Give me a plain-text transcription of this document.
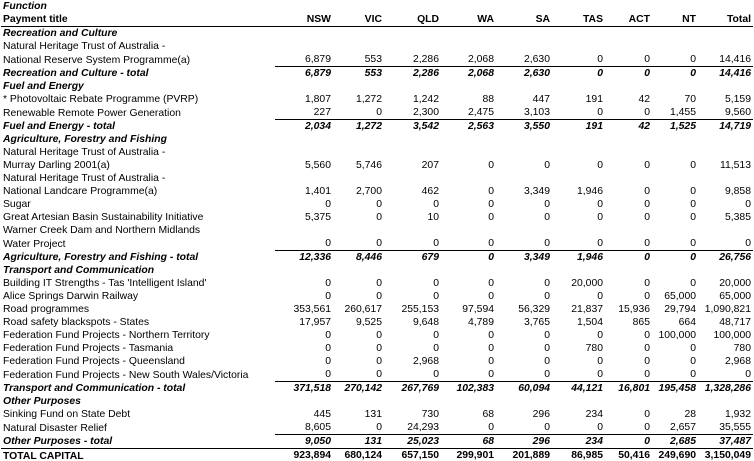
Function									
Payment title	NSW	VIC	QLD	WA	SA	TAS	ACT	NT	Total
Recreation and Culture									
Natural Heritage Trust of Australia -									
National Reserve System Programme(a)	6,879	553	2,286	2,068	2,630	0	0	0	14,416
Recreation and Culture - total	6,879	553	2,286	2,068	2,630	0	0	0	14,416
Fuel and Energy									
* Photovoltaic Rebate Programme (PVRP)	1,807	1,272	1,242	88	447	191	42	70	5,159
Renewable Remote Power Generation	227	0	2,300	2,475	3,103	0	0	1,455	9,560
Fuel and Energy - total	2,034	1,272	3,542	2,563	3,550	191	42	1,525	14,719
Agriculture, Forestry and Fishing									
Natural Heritage Trust of Australia -									
Murray Darling 2001(a)	5,560	5,746	207	0	0	0	0	0	11,513
Natural Heritage Trust of Australia -									
National Landcare Programme(a)	1,401	2,700	462	0	3,349	1,946	0	0	9,858
Sugar	0	0	0	0	0	0	0	0	0
Great Artesian Basin Sustainability Initiative	5,375	0	10	0	0	0	0	0	5,385
Warner Creek Dam and Northern Midlands									
Water Project	0	0	0	0	0	0	0	0	0
Agriculture, Forestry and Fishing - total	12,336	8,446	679	0	3,349	1,946	0	0	26,756
Transport and Communication									
Building IT Strengths - Tas 'Intelligent Island'	0	0	0	0	0	20,000	0	0	20,000
Alice Springs Darwin Railway	0	0	0	0	0	0	0	65,000	65,000
Road programmes	353,561	260,617	255,153	97,594	56,329	21,837	15,936	29,794	1,090,821
Road safety blackspots - States	17,957	9,525	9,648	4,789	3,765	1,504	865	664	48,717
Federation Fund Projects - Northern Territory	0	0	0	0	0	0	0	100,000	100,000
Federation Fund Projects - Tasmania	0	0	0	0	0	780	0	0	780
Federation Fund Projects - Queensland	0	0	2,968	0	0	0	0	0	2,968
Federation Fund Projects - New South Wales/Victoria	0	0	0	0	0	0	0	0	0
Transport and Communication - total	371,518	270,142	267,769	102,383	60,094	44,121	16,801	195,458	1,328,286
Other Purposes									
Sinking Fund on State Debt	445	131	730	68	296	234	0	28	1,932
Natural Disaster Relief	8,605	0	24,293	0	0	0	0	2,657	35,555
Other Purposes - total	9,050	131	25,023	68	296	234	0	2,685	37,487
TOTAL CAPITAL	923,894	680,124	657,150	299,901	201,889	86,985	50,416	249,690	3,150,049
